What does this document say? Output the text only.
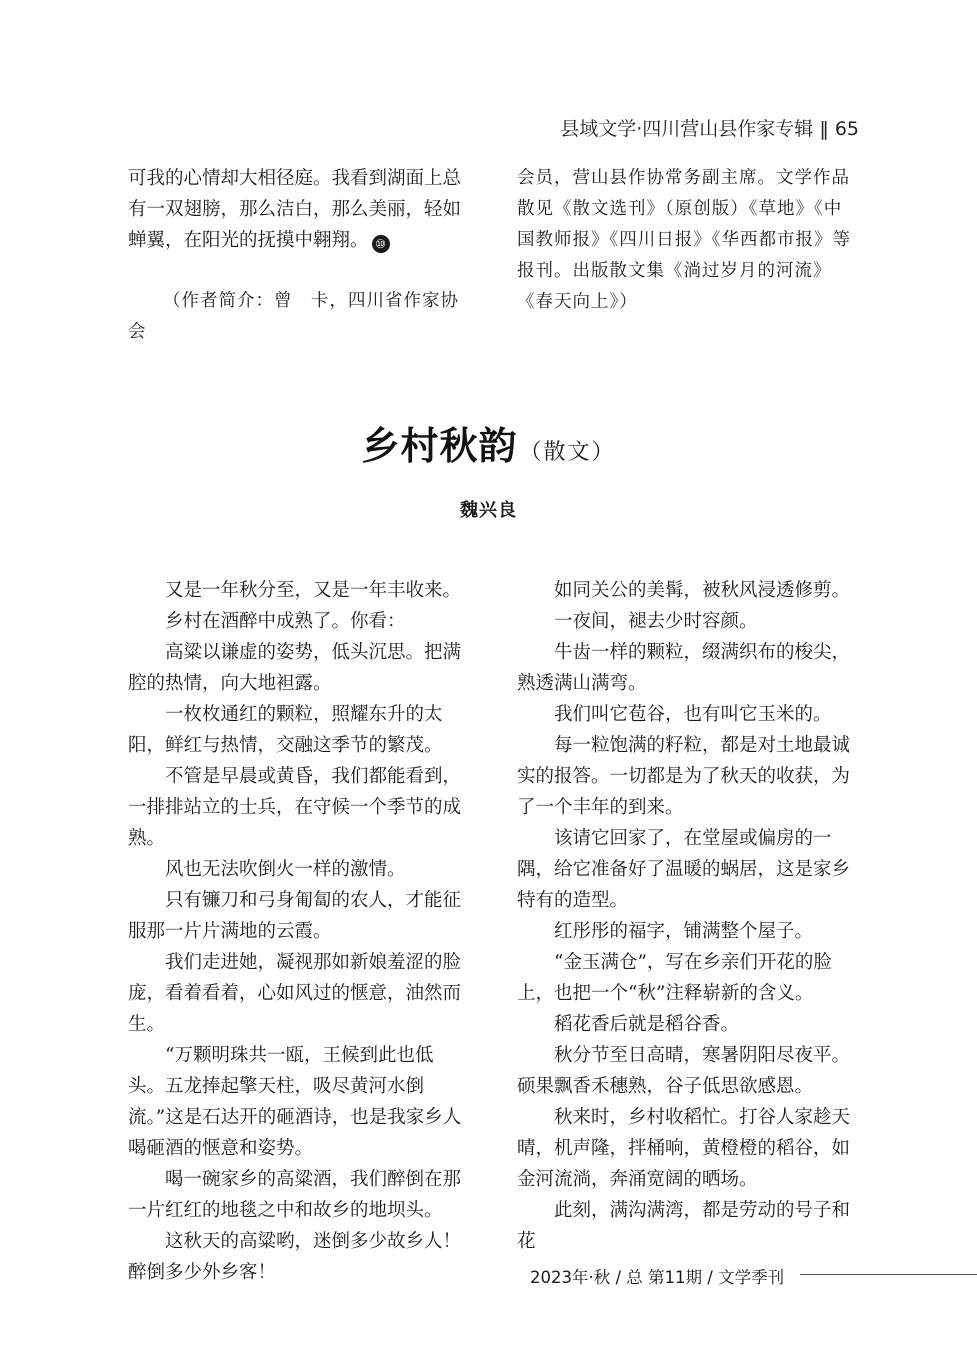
县域文学·四川营山县作家专辑 ‖ 65

可我的心情却大相径庭。我看到湖面上总有一双翅膀，那么洁白，那么美丽，轻如蝉翼，在阳光的抚摸中翱翔。 ⑩

（作者简介：曾　卡，四川省作家协会

会员，营山县作协常务副主席。文学作品散见《散文选刊》（原创版）《草地》《中国教师报》《四川日报》《华西都市报》等报刊。出版散文集《淌过岁月的河流》《春天向上》）

乡村秋韵（散文）
魏兴良

又是一年秋分至，又是一年丰收来。

乡村在酒醉中成熟了。你看：

高粱以谦虚的姿势，低头沉思。把满腔的热情，向大地袒露。

一枚枚通红的颗粒，照耀东升的太阳，鲜红与热情，交融这季节的繁茂。

不管是早晨或黄昏，我们都能看到，一排排站立的士兵，在守候一个季节的成熟。

风也无法吹倒火一样的激情。

只有镰刀和弓身匍匐的农人，才能征服那一片片满地的云霞。

我们走进她，凝视那如新娘羞涩的脸庞，看着看着，心如风过的惬意，油然而生。

“万颗明珠共一瓯，王候到此也低头。五龙捧起擎天柱，吸尽黄河水倒流。”这是石达开的砸酒诗，也是我家乡人喝砸酒的惬意和姿势。

喝一碗家乡的高粱酒，我们醉倒在那一片红红的地毯之中和故乡的地坝头。

这秋天的高粱哟，迷倒多少故乡人！醉倒多少外乡客！

如同关公的美髯，被秋风浸透修剪。

一夜间，褪去少时容颜。

牛齿一样的颗粒，缀满织布的梭尖，熟透满山满弯。

我们叫它苞谷，也有叫它玉米的。

每一粒饱满的籽粒，都是对土地最诚实的报答。一切都是为了秋天的收获，为了一个丰年的到来。

该请它回家了，在堂屋或偏房的一隅，给它准备好了温暖的蜗居，这是家乡特有的造型。

红彤彤的福字，铺满整个屋子。

“金玉满仓”，写在乡亲们开花的脸上，也把一个“秋”注释崭新的含义。

稻花香后就是稻谷香。

秋分节至日高晴，寒暑阴阳尽夜平。硕果飘香禾穗熟，谷子低思欲感恩。

秋来时，乡村收稻忙。打谷人家趁天晴，机声隆，拌桶响，黄橙橙的稻谷，如金河流淌，奔涌宽阔的晒场。

此刻，满沟满湾，都是劳动的号子和花

2023年·秋 / 总 第11期 / 文学季刊
